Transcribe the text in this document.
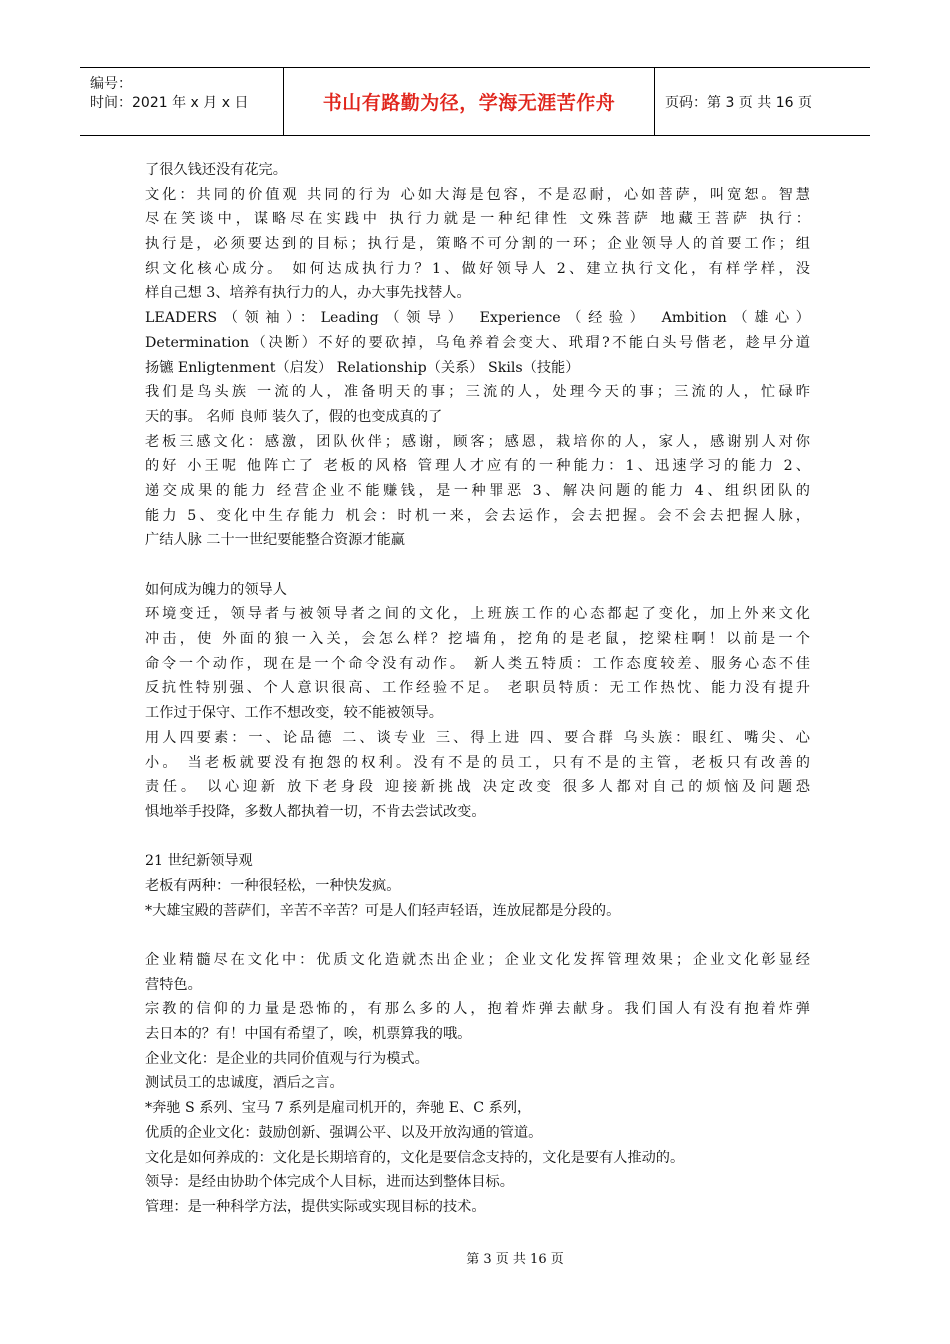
编号：
时间：2021 年 x 月 x 日	书山有路勤为径，学海无涯苦作舟	页码：第 3 页 共 16 页
了很久钱还没有花完。
文化：共同的价值观 共同的行为 心如大海是包容，不是忍耐，心如菩萨，叫宽恕。智慧
尽在笑谈中，谋略尽在实践中 执行力就是一种纪律性 文殊菩萨 地藏王菩萨 执行：
执行是，必须要达到的目标；执行是，策略不可分割的一环；企业领导人的首要工作；组
织文化核心成分。 如何达成执行力？1、做好领导人 2、建立执行文化，有样学样，没
样自己想 3、培养有执行力的人，办大事先找替人。
LEADERS（领袖）：Leading（领导） Experience（经验） Ambition（雄心）
Determination（决断）不好的要砍掉，乌龟养着会变大、玳瑁?不能白头号偕老，趁早分道
扬镳 Enligtenment（启发） Relationship（关系） Skils（技能）
我们是鸟头族 一流的人，准备明天的事；三流的人，处理今天的事；三流的人，忙碌昨
天的事。 名师 良师 装久了，假的也变成真的了
老板三感文化：感激，团队伙伴；感谢，顾客；感恩，栽培你的人，家人，感谢别人对你
的好 小王呢 他阵亡了 老板的风格 管理人才应有的一种能力：1、迅速学习的能力 2、
递交成果的能力 经营企业不能赚钱，是一种罪恶 3、解决问题的能力 4、组织团队的
能力 5、变化中生存能力 机会：时机一来，会去运作，会去把握。会不会去把握人脉，
广结人脉 二十一世纪要能整合资源才能赢
如何成为魄力的领导人
环境变迁，领导者与被领导者之间的文化，上班族工作的心态都起了变化，加上外来文化
冲击，使 外面的狼一入关，会怎么样？挖墙角，挖角的是老鼠，挖梁柱啊！以前是一个
命令一个动作，现在是一个命令没有动作。 新人类五特质：工作态度较差、服务心态不佳
反抗性特别强、个人意识很高、工作经验不足。 老职员特质：无工作热忱、能力没有提升
工作过于保守、工作不想改变，较不能被领导。
用人四要素：一、论品德 二、谈专业 三、得上进 四、要合群 乌头族：眼红、嘴尖、心
小。 当老板就要没有抱怨的权利。没有不是的员工，只有不是的主管，老板只有改善的
责任。 以心迎新 放下老身段 迎接新挑战 决定改变 很多人都对自己的烦恼及问题恐
惧地举手投降，多数人都执着一切，不肯去尝试改变。
21 世纪新领导观
老板有两种：一种很轻松，一种快发疯。
*大雄宝殿的菩萨们，辛苦不辛苦？可是人们轻声轻语，连放屁都是分段的。
企业精髓尽在文化中：优质文化造就杰出企业；企业文化发挥管理效果；企业文化彰显经
营特色。
宗教的信仰的力量是恐怖的，有那么多的人，抱着炸弹去献身。我们国人有没有抱着炸弹
去日本的？有！中国有希望了，唉，机票算我的哦。
企业文化：是企业的共同价值观与行为模式。
测试员工的忠诚度，酒后之言。
*奔驰 S 系列、宝马 7 系列是雇司机开的，奔驰 E、C 系列，
优质的企业文化：鼓励创新、强调公平、以及开放沟通的管道。
文化是如何养成的：文化是长期培育的，文化是要信念支持的，文化是要有人推动的。
领导：是经由协助个体完成个人目标，进而达到整体目标。
管理：是一种科学方法，提供实际或实现目标的技术。
第 3 页 共 16 页
